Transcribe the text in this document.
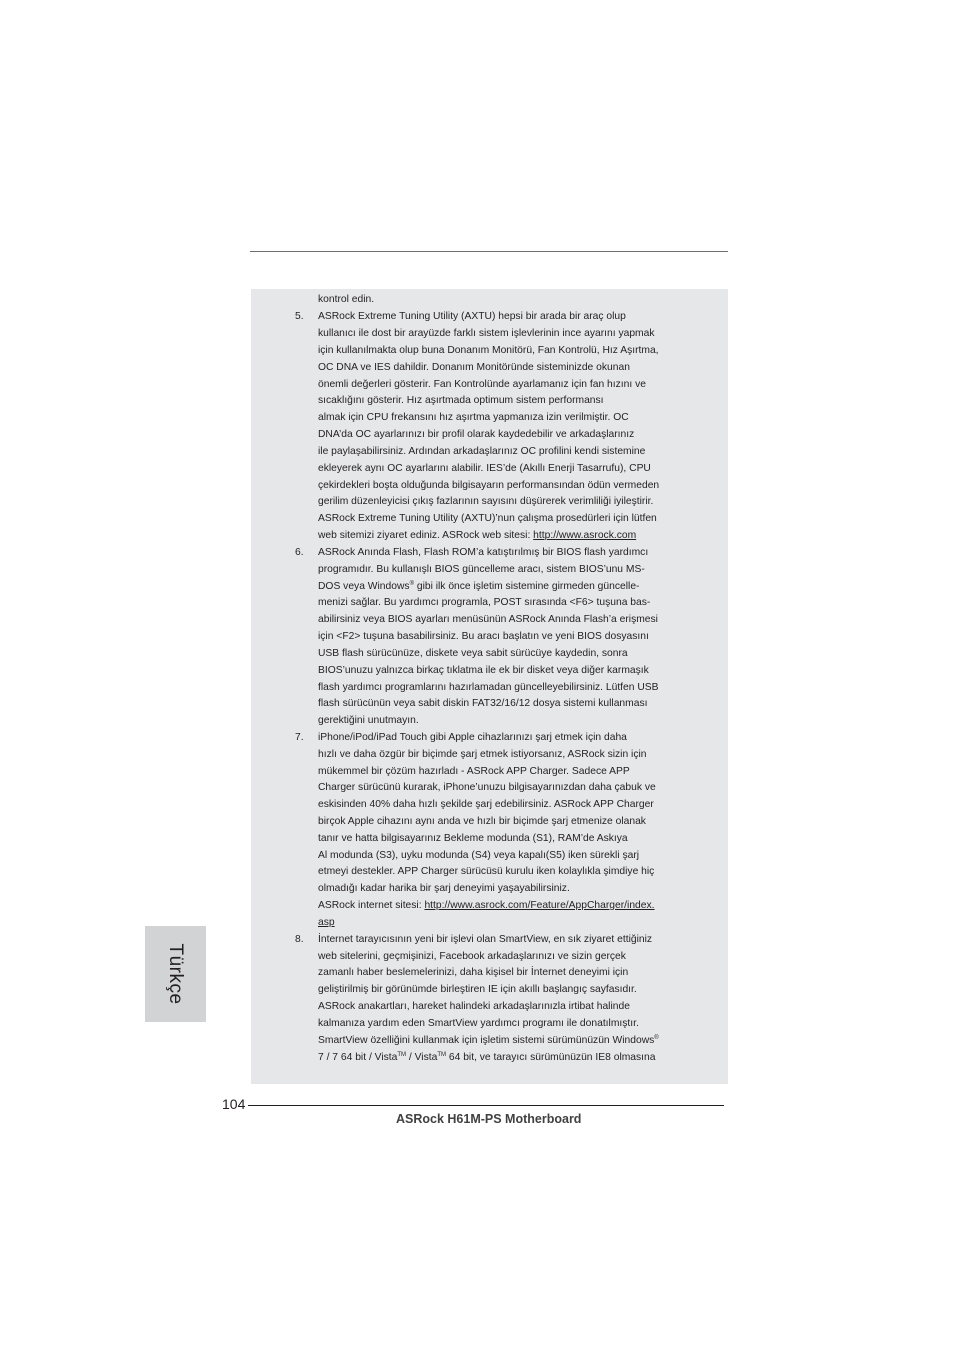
kontrol edin.
5. ASRock Extreme Tuning Utility (AXTU) hepsi bir arada bir araç olup
kullanıcı ile dost bir arayüzde farklı sistem işlevlerinin ince ayarını yapmak
için kullanılmakta olup buna Donanım Monitörü, Fan Kontrolü, Hız Aşırtma,
OC DNA ve IES dahildir. Donanım Monitöründe sisteminizde okunan
önemli değerleri gösterir. Fan Kontrolünde ayarlamanız için fan hızını ve
sıcaklığını gösterir. Hız aşırtmada optimum sistem performansı
almak için CPU frekansını hız aşırtma yapmanıza izin verilmiştir. OC
DNA’da OC ayarlarınızı bir profil olarak kaydedebilir ve arkadaşlarınız
ile paylaşabilirsiniz. Ardından arkadaşlarınız OC profilini kendi sistemine
ekleyerek aynı OC ayarlarını alabilir. IES’de (Akıllı Enerji Tasarrufu), CPU
çekirdekleri boşta olduğunda bilgisayarın performansından ödün vermeden
gerilim düzenleyicisi çıkış fazlarının sayısını düşürerek verimliliği iyileştirir.
ASRock Extreme Tuning Utility (AXTU)’nun çalışma prosedürleri için lütfen
web sitemizi ziyaret ediniz. ASRock web sitesi: http://www.asrock.com
6. ASRock Anında Flash, Flash ROM’a katıştırılmış bir BIOS flash yardımcı
programıdır. Bu kullanışlı BIOS güncelleme aracı, sistem BIOS’unu MS-
DOS veya Windows® gibi ilk önce işletim sistemine girmeden güncelle-
menizi sağlar. Bu yardımcı programla, POST sırasında <F6> tuşuna bas-
abilirsiniz veya BIOS ayarları menüsünün ASRock Anında Flash’a erişmesi
için <F2> tuşuna basabilirsiniz. Bu aracı başlatın ve yeni BIOS dosyasını
USB flash sürücünüze, diskete veya sabit sürücüye kaydedin, sonra
BIOS’unuzu yalnızca birkaç tıklatma ile ek bir disket veya diğer karmaşık
flash yardımcı programlarını hazırlamadan güncelleyebilirsiniz. Lütfen USB
flash sürücünün veya sabit diskin FAT32/16/12 dosya sistemi kullanması
gerektiğini unutmayın.
7. iPhone/iPod/iPad Touch gibi Apple cihazlarınızı şarj etmek için daha
hızlı ve daha özgür bir biçimde şarj etmek istiyorsanız, ASRock sizin için
mükemmel bir çözüm hazırladı - ASRock APP Charger. Sadece APP
Charger sürücünü kurarak, iPhone’unuzu bilgisayarınızdan daha çabuk ve
eskisinden 40% daha hızlı şekilde şarj edebilirsiniz. ASRock APP Charger
birçok Apple cihazını aynı anda ve hızlı bir biçimde şarj etmenize olanak
tanır ve hatta bilgisayarınız Bekleme modunda (S1), RAM’de Askıya
Al modunda (S3), uyku modunda (S4) veya kapalı(S5) iken sürekli şarj
etmeyi destekler. APP Charger sürücüsü kurulu iken kolaylıkla şimdiye hiç
olmadığı kadar harika bir şarj deneyimi yaşayabilirsiniz.
ASRock internet sitesi: http://www.asrock.com/Feature/AppCharger/index.
asp
8. İnternet tarayıcısının yeni bir işlevi olan SmartView, en sık ziyaret ettiğiniz
web sitelerini, geçmişinizi, Facebook arkadaşlarınızı ve sizin gerçek
zamanlı haber beslemelerinizi, daha kişisel bir İnternet deneyimi için
geliştirilmiş bir görünümde birleştiren IE için akıllı başlangıç sayfasıdır.
ASRock anakartları, hareket halindeki arkadaşlarınızla irtibat halinde
kalmanıza yardım eden SmartView yardımcı programı ile donatılmıştır.
SmartView özelliğini kullanmak için işletim sistemi sürümünüzün Windows®
7 / 7 64 bit / Vista™ / Vista™ 64 bit, ve tarayıcı sürümünüzün IE8 olmasına
Türkçe
104
ASRock H61M-PS Motherboard
